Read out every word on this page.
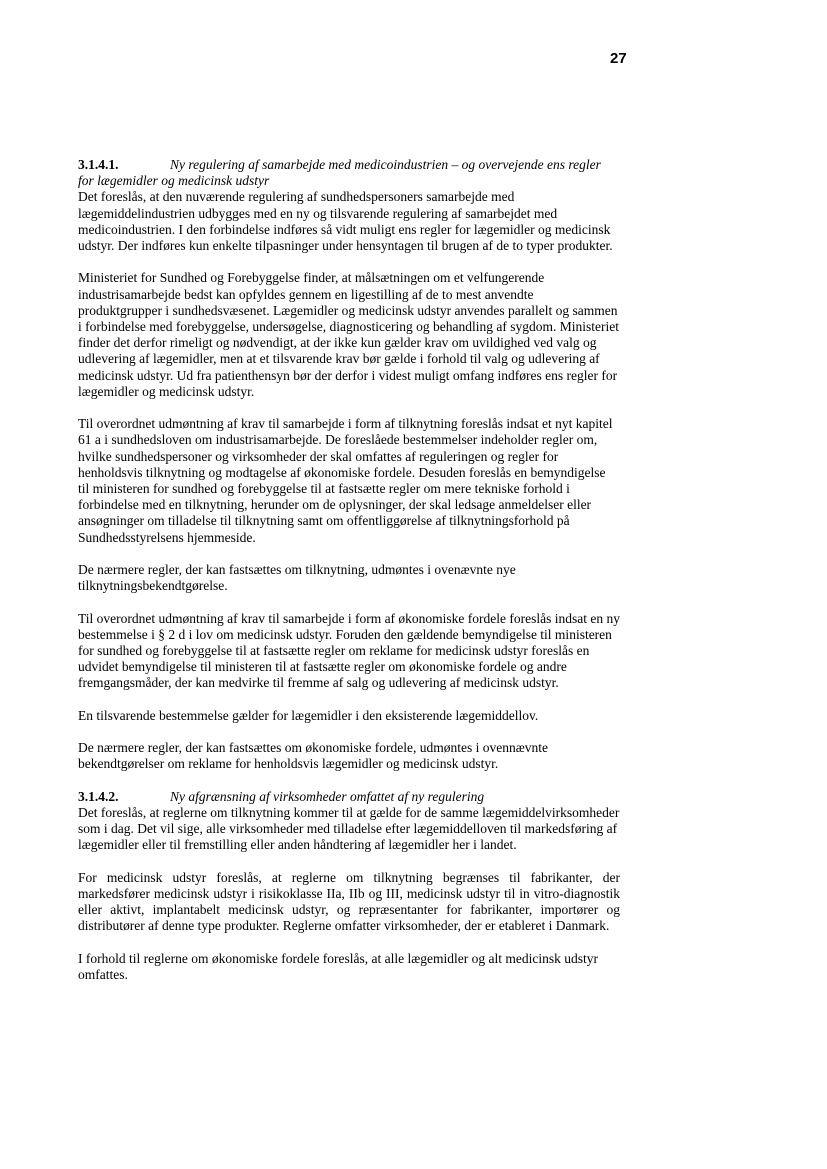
27
3.1.4.1.	Ny regulering af samarbejde med medicoindustrien – og overvejende ens regler for lægemidler og medicinsk udstyr

Det foreslås, at den nuværende regulering af sundhedspersoners samarbejde med lægemiddelindustrien udbygges med en ny og tilsvarende regulering af samarbejdet med medicoindustrien. I den forbindelse indføres så vidt muligt ens regler for lægemidler og medicinsk udstyr. Der indføres kun enkelte tilpasninger under hensyntagen til brugen af de to typer produkter.

Ministeriet for Sundhed og Forebyggelse finder, at målsætningen om et velfungerende industrisamarbejde bedst kan opfyldes gennem en ligestilling af de to mest anvendte produktgrupper i sundhedsvæsenet. Lægemidler og medicinsk udstyr anvendes parallelt og sammen i forbindelse med forebyggelse, undersøgelse, diagnosticering og behandling af sygdom. Ministeriet finder det derfor rimeligt og nødvendigt, at der ikke kun gælder krav om uvildighed ved valg og udlevering af lægemidler, men at et tilsvarende krav bør gælde i forhold til valg og udlevering af medicinsk udstyr. Ud fra patienthensyn bør der derfor i videst muligt omfang indføres ens regler for lægemidler og medicinsk udstyr.

Til overordnet udmøntning af krav til samarbejde i form af tilknytning foreslås indsat et nyt kapitel 61 a i sundhedsloven om industrisamarbejde. De foreslåede bestemmelser indeholder regler om, hvilke sundhedspersoner og virksomheder der skal omfattes af reguleringen og regler for henholdsvis tilknytning og modtagelse af økonomiske fordele. Desuden foreslås en bemyndigelse til ministeren for sundhed og forebyggelse til at fastsætte regler om mere tekniske forhold i forbindelse med en tilknytning, herunder om de oplysninger, der skal ledsage anmeldelser eller ansøgninger om tilladelse til tilknytning samt om offentliggørelse af tilknytningsforhold på Sundhedsstyrelsens hjemmeside.

De nærmere regler, der kan fastsættes om tilknytning, udmøntes i ovenævnte nye tilknytningsbekendtgørelse.

Til overordnet udmøntning af krav til samarbejde i form af økonomiske fordele foreslås indsat en ny bestemmelse i § 2 d i lov om medicinsk udstyr. Foruden den gældende bemyndigelse til ministeren for sundhed og forebyggelse til at fastsætte regler om reklame for medicinsk udstyr foreslås en udvidet bemyndigelse til ministeren til at fastsætte regler om økonomiske fordele og andre fremgangsmåder, der kan medvirke til fremme af salg og udlevering af medicinsk udstyr.

En tilsvarende bestemmelse gælder for lægemidler i den eksisterende lægemiddellov.

De nærmere regler, der kan fastsættes om økonomiske fordele, udmøntes i ovennævnte bekendtgørelser om reklame for henholdsvis lægemidler og medicinsk udstyr.

3.1.4.2.	Ny afgrænsning af virksomheder omfattet af ny regulering

Det foreslås, at reglerne om tilknytning kommer til at gælde for de samme lægemiddelvirksomheder som i dag. Det vil sige, alle virksomheder med tilladelse efter lægemiddelloven til markedsføring af lægemidler eller til fremstilling eller anden håndtering af lægemidler her i landet.

For medicinsk udstyr foreslås, at reglerne om tilknytning begrænses til fabrikanter, der markedsfører medicinsk udstyr i risikoklasse IIa, IIb og III, medicinsk udstyr til in vitro-diagnostik eller aktivt, implantabelt medicinsk udstyr, og repræsentanter for fabrikanter, importører og distributører af denne type produkter. Reglerne omfatter virksomheder, der er etableret i Danmark.

I forhold til reglerne om økonomiske fordele foreslås, at alle lægemidler og alt medicinsk udstyr omfattes.
